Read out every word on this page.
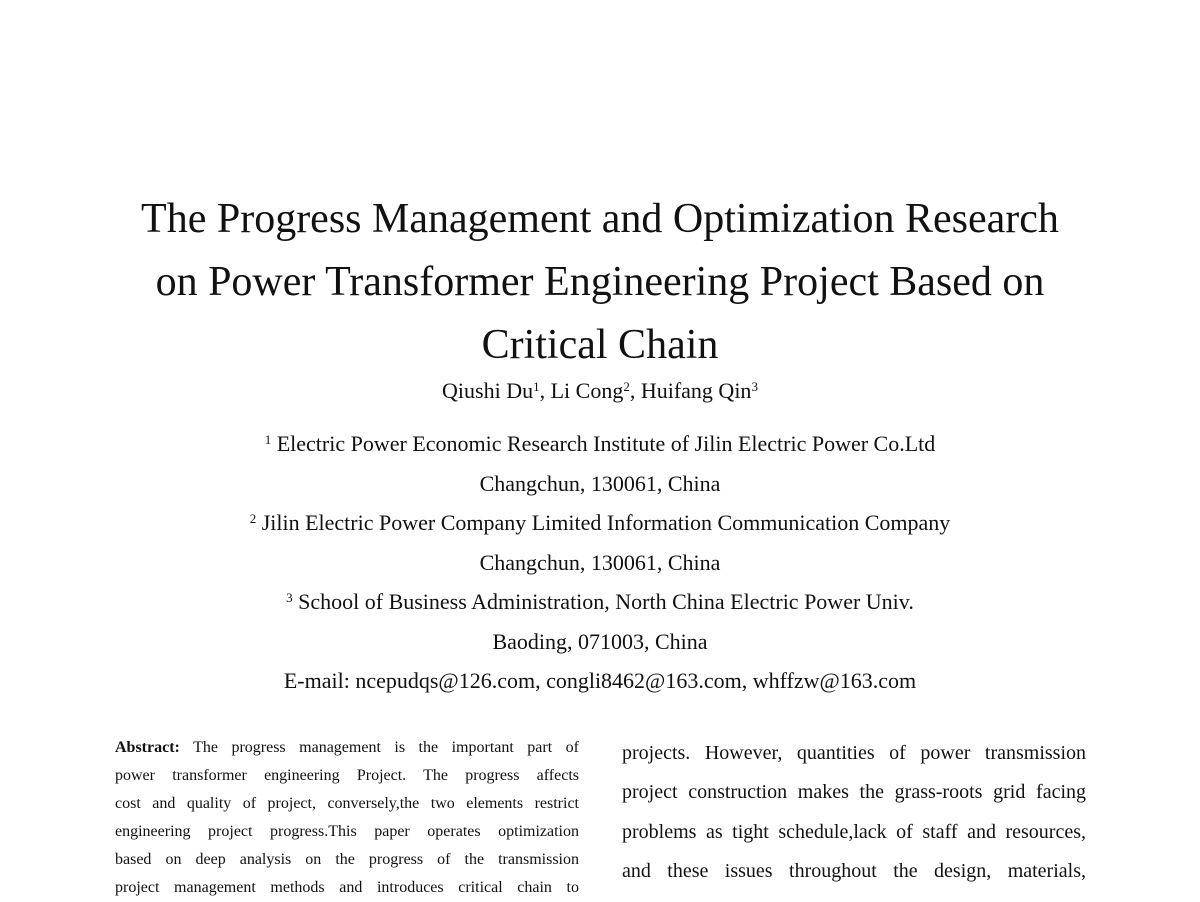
The Progress Management and Optimization Research
on Power Transformer Engineering Project Based on
Critical Chain
Qiushi Du$^1$, Li Cong$^2$, Huifang Qin$^3$
$^1$ Electric Power Economic Research Institute of Jilin Electric Power Co.Ltd
Changchun, 130061, China
$^2$ Jilin Electric Power Company Limited Information Communication Company
Changchun, 130061, China
$^3$ School of Business Administration, North China Electric Power Univ.
Baoding, 071003, China
E-mail: ncepudqs@126.com, congli8462@163.com, whffzw@163.com
Abstract: The progress management is the important part of
power transformer engineering Project. The progress affects
cost and quality of project, conversely,the two elements restrict
engineering project progress.This paper operates optimization
based on deep analysis on the progress of the transmission
project management methods and introduces critical chain to
projects. However, quantities of power transmission
project construction makes the grass-roots grid facing
problems as tight schedule,lack of staff and resources,
and these issues throughout the design, materials,
